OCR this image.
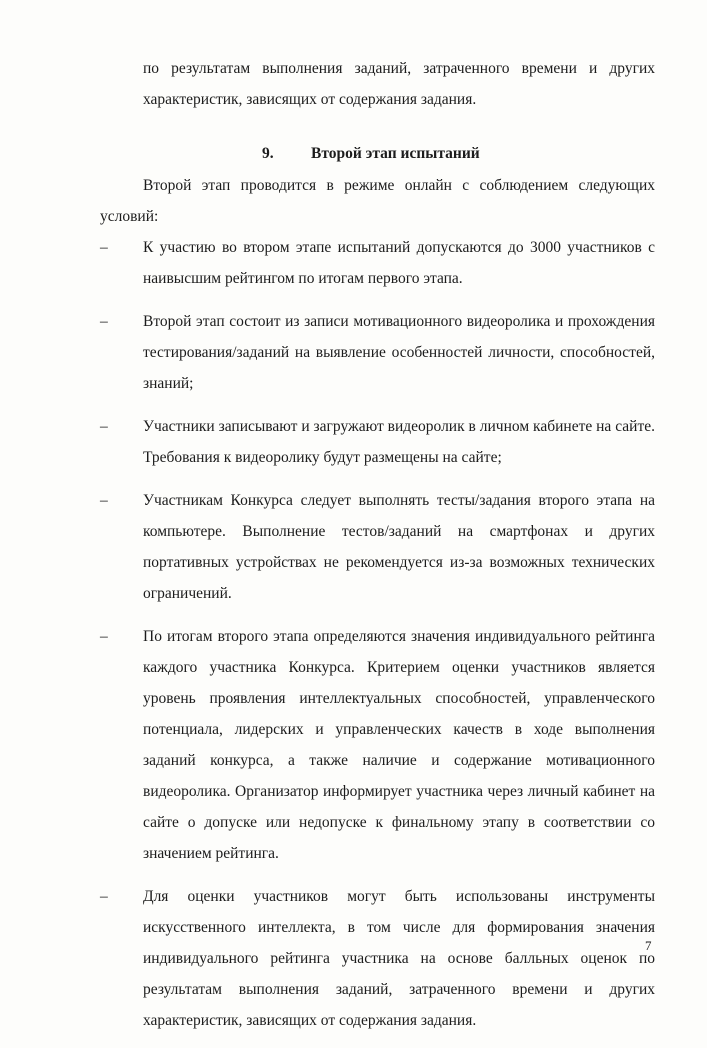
по результатам выполнения заданий, затраченного времени и других характеристик, зависящих от содержания задания.

9. Второй этап испытаний

Второй этап проводится в режиме онлайн с соблюдением следующих условий:

– К участию во втором этапе испытаний допускаются до 3000 участников с наивысшим рейтингом по итогам первого этапа.
– Второй этап состоит из записи мотивационного видеоролика и прохождения тестирования/заданий на выявление особенностей личности, способностей, знаний;
– Участники записывают и загружают видеоролик в личном кабинете на сайте. Требования к видеоролику будут размещены на сайте;
– Участникам Конкурса следует выполнять тесты/задания второго этапа на компьютере. Выполнение тестов/заданий на смартфонах и других портативных устройствах не рекомендуется из-за возможных технических ограничений.
– По итогам второго этапа определяются значения индивидуального рейтинга каждого участника Конкурса. Критерием оценки участников является уровень проявления интеллектуальных способностей, управленческого потенциала, лидерских и управленческих качеств в ходе выполнения заданий конкурса, а также наличие и содержание мотивационного видеоролика. Организатор информирует участника через личный кабинет на сайте о допуске или недопуске к финальному этапу в соответствии со значением рейтинга.
– Для оценки участников могут быть использованы инструменты искусственного интеллекта, в том числе для формирования значения индивидуального рейтинга участника на основе балльных оценок по результатам выполнения заданий, затраченного времени и других характеристик, зависящих от содержания задания.
7
